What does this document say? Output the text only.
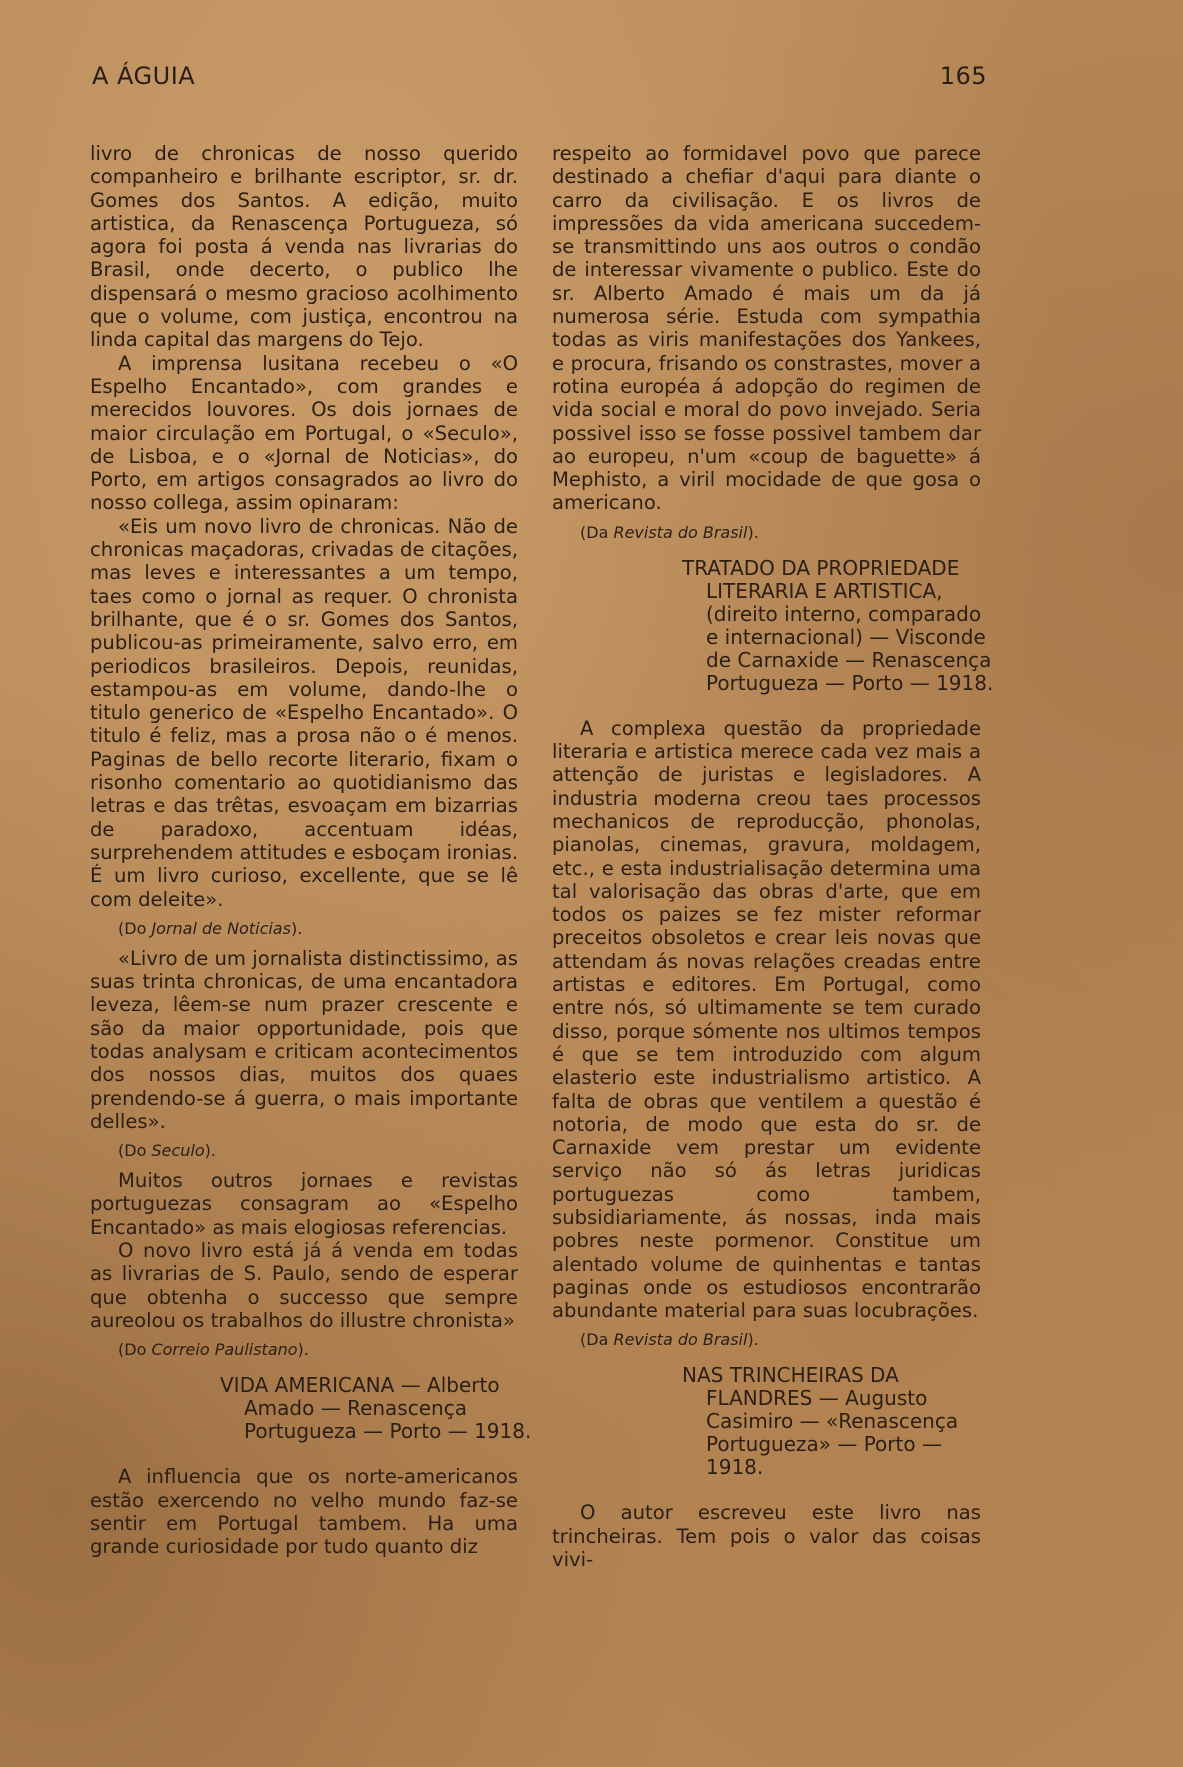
A ÁGUIA	165

livro de chronicas de nosso querido companheiro e brilhante escriptor, sr. dr. Gomes dos Santos. A edição, muito artistica, da Renascença Portugueza, só agora foi posta á venda nas livrarias do Brasil, onde decerto, o publico lhe dispensará o mesmo gracioso acolhimento que o volume, com justiça, encontrou na linda capital das margens do Tejo.

A imprensa lusitana recebeu o «O Espelho Encantado», com grandes e merecidos louvores. Os dois jornaes de maior circulação em Portugal, o «Seculo», de Lisboa, e o «Jornal de Noticias», do Porto, em artigos consagrados ao livro do nosso collega, assim opinaram:

«Eis um novo livro de chronicas. Não de chronicas maçadoras, crivadas de citações, mas leves e interessantes a um tempo, taes como o jornal as requer. O chronista brilhante, que é o sr. Gomes dos Santos, publicou-as primeiramente, salvo erro, em periodicos brasileiros. Depois, reunidas, estampou-as em volume, dando-lhe o titulo generico de «Espelho Encantado». O titulo é feliz, mas a prosa não o é menos. Paginas de bello recorte literario, fixam o risonho comentario ao quotidianismo das letras e das trêtas, esvoaçam em bizarrias de paradoxo, accentuam idéas, surprehendem attitudes e esboçam ironias. É um livro curioso, excellente, que se lê com deleite».

(Do Jornal de Noticias).

«Livro de um jornalista distinctissimo, as suas trinta chronicas, de uma encantadora leveza, lêem-se num prazer crescente e são da maior opportunidade, pois que todas analysam e criticam acontecimentos dos nossos dias, muitos dos quaes prendendo-se á guerra, o mais importante delles».

(Do Seculo).

Muitos outros jornaes e revistas portuguezas consagram ao «Espelho Encantado» as mais elogiosas referencias.

O novo livro está já á venda em todas as livrarias de S. Paulo, sendo de esperar que obtenha o successo que sempre aureolou os trabalhos do illustre chronista»

(Do Correio Paulistano).
VIDA AMERICANA — Alberto Amado — Renascença Portugueza — Porto — 1918.

A influencia que os norte-americanos estão exercendo no velho mundo faz-se sentir em Portugal tambem. Ha uma grande curiosidade por tudo quanto diz

respeito ao formidavel povo que parece destinado a chefiar d'aqui para diante o carro da civilisação. E os livros de impressões da vida americana succedem-se transmittindo uns aos outros o condão de interessar vivamente o publico. Este do sr. Alberto Amado é mais um da já numerosa série. Estuda com sympathia todas as viris manifestações dos Yankees, e procura, frisando os constrastes, mover a rotina européa á adopção do regimen de vida social e moral do povo invejado. Seria possivel isso se fosse possivel tambem dar ao europeu, n'um «coup de baguette» á Mephisto, a viril mocidade de que gosa o americano.

(Da Revista do Brasil).
TRATADO DA PROPRIEDADE LITERARIA E ARTISTICA, (direito interno, comparado e internacional) — Visconde de Carnaxide — Renascença Portugueza — Porto — 1918.

A complexa questão da propriedade literaria e artistica merece cada vez mais a attenção de juristas e legisladores. A industria moderna creou taes processos mechanicos de reproducção, phonolas, pianolas, cinemas, gravura, moldagem, etc., e esta industrialisação determina uma tal valorisação das obras d'arte, que em todos os paizes se fez mister reformar preceitos obsoletos e crear leis novas que attendam ás novas relações creadas entre artistas e editores. Em Portugal, como entre nós, só ultimamente se tem curado disso, porque sómente nos ultimos tempos é que se tem introduzido com algum elasterio este industrialismo artistico. A falta de obras que ventilem a questão é notoria, de modo que esta do sr. de Carnaxide vem prestar um evidente serviço não só ás letras juridicas portuguezas como tambem, subsidiariamente, ás nossas, inda mais pobres neste pormenor. Constitue um alentado volume de quinhentas e tantas paginas onde os estudiosos encontrarão abundante material para suas locubrações.

(Da Revista do Brasil).
NAS TRINCHEIRAS DA FLANDRES — Augusto Casimiro — «Renascença Portugueza» — Porto — 1918.

O autor escreveu este livro nas trincheiras. Tem pois o valor das coisas vivi-
